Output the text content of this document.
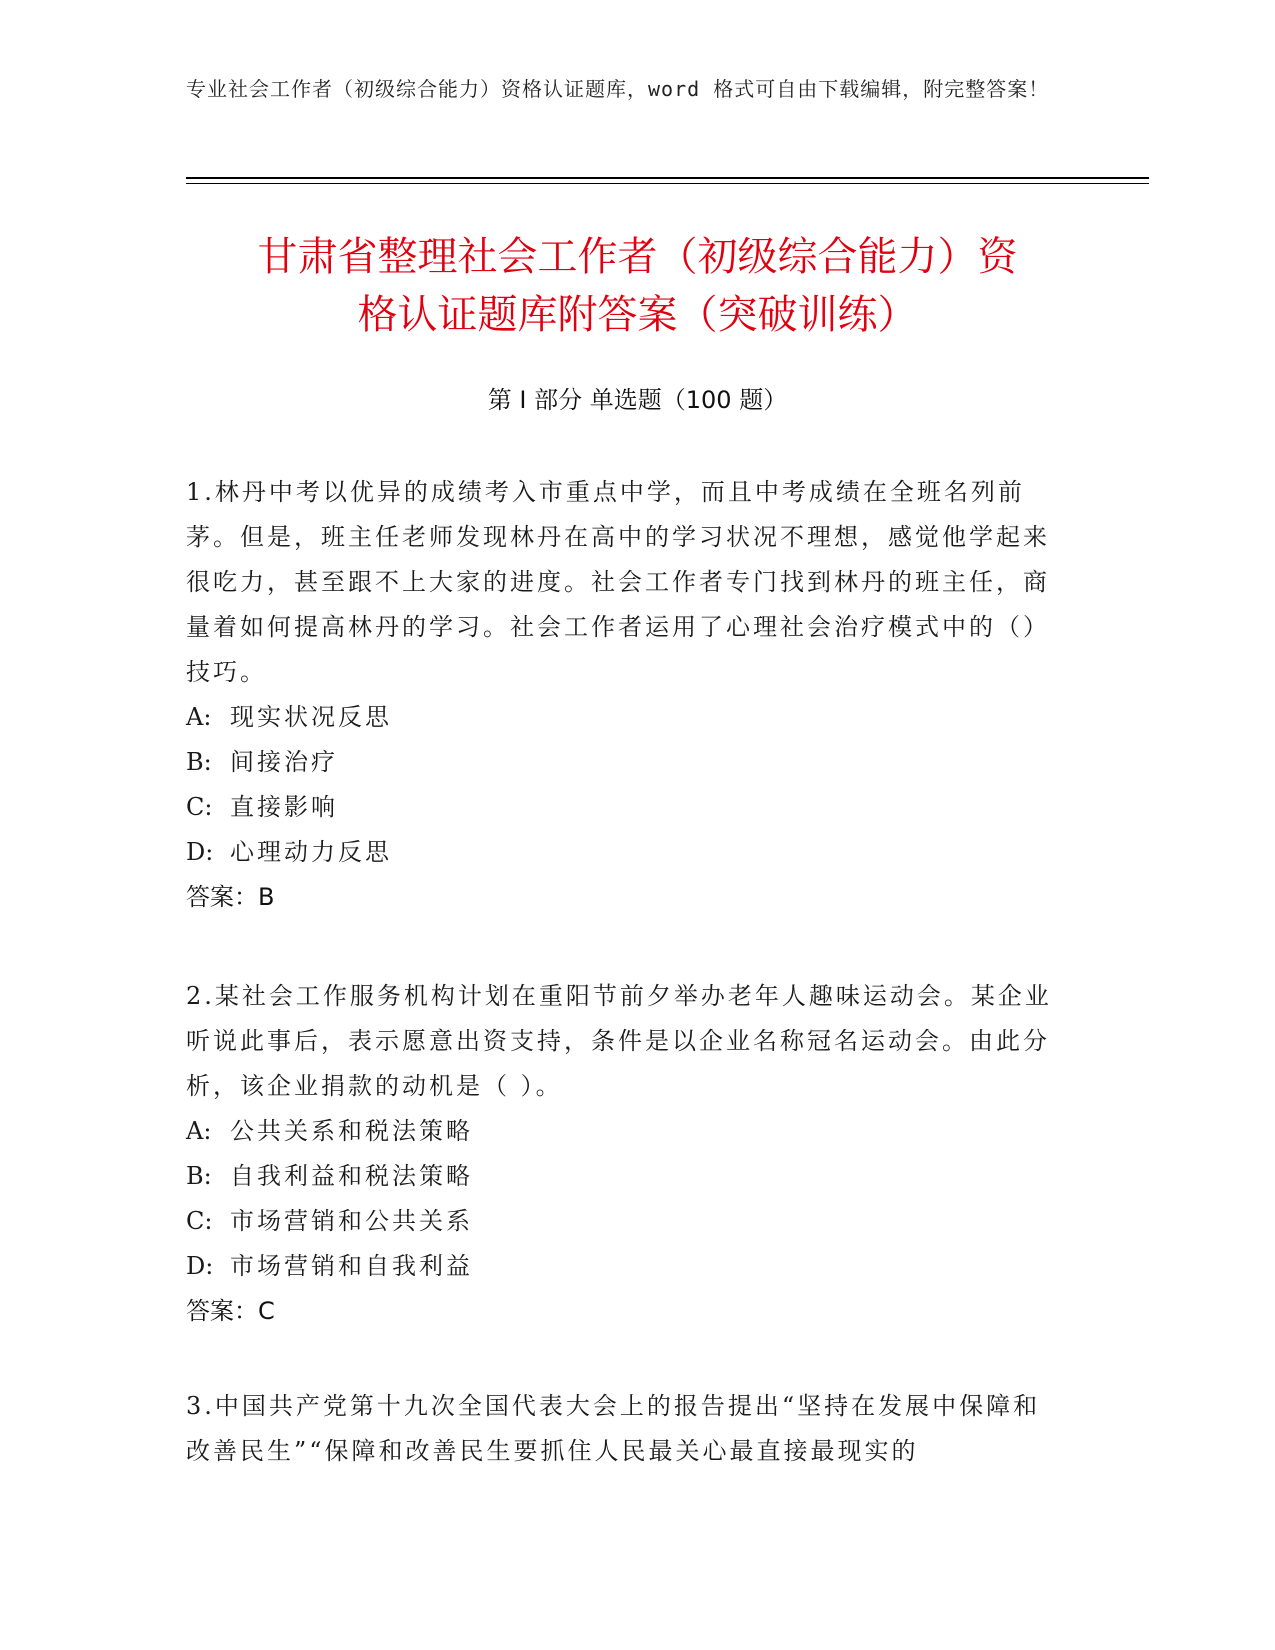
专业社会工作者（初级综合能力）资格认证题库，word 格式可自由下载编辑，附完整答案！
甘肃省整理社会工作者（初级综合能力）资
格认证题库附答案（突破训练）
第 I 部分 单选题（100 题）

1.林丹中考以优异的成绩考入市重点中学，而且中考成绩在全班名列前茅。但是，班主任老师发现林丹在高中的学习状况不理想，感觉他学起来很吃力，甚至跟不上大家的进度。社会工作者专门找到林丹的班主任，商量着如何提高林丹的学习。社会工作者运用了心理社会治疗模式中的（）技巧。

A: 现实状况反思
B: 间接治疗
C: 直接影响
D: 心理动力反思

答案：B

2.某社会工作服务机构计划在重阳节前夕举办老年人趣味运动会。某企业听说此事后，表示愿意出资支持，条件是以企业名称冠名运动会。由此分析，该企业捐款的动机是（ ）。

A: 公共关系和税法策略
B: 自我利益和税法策略
C: 市场营销和公共关系
D: 市场营销和自我利益

答案：C

3.中国共产党第十九次全国代表大会上的报告提出“坚持在发展中保障和改善民生”“保障和改善民生要抓住人民最关心最直接最现实的
